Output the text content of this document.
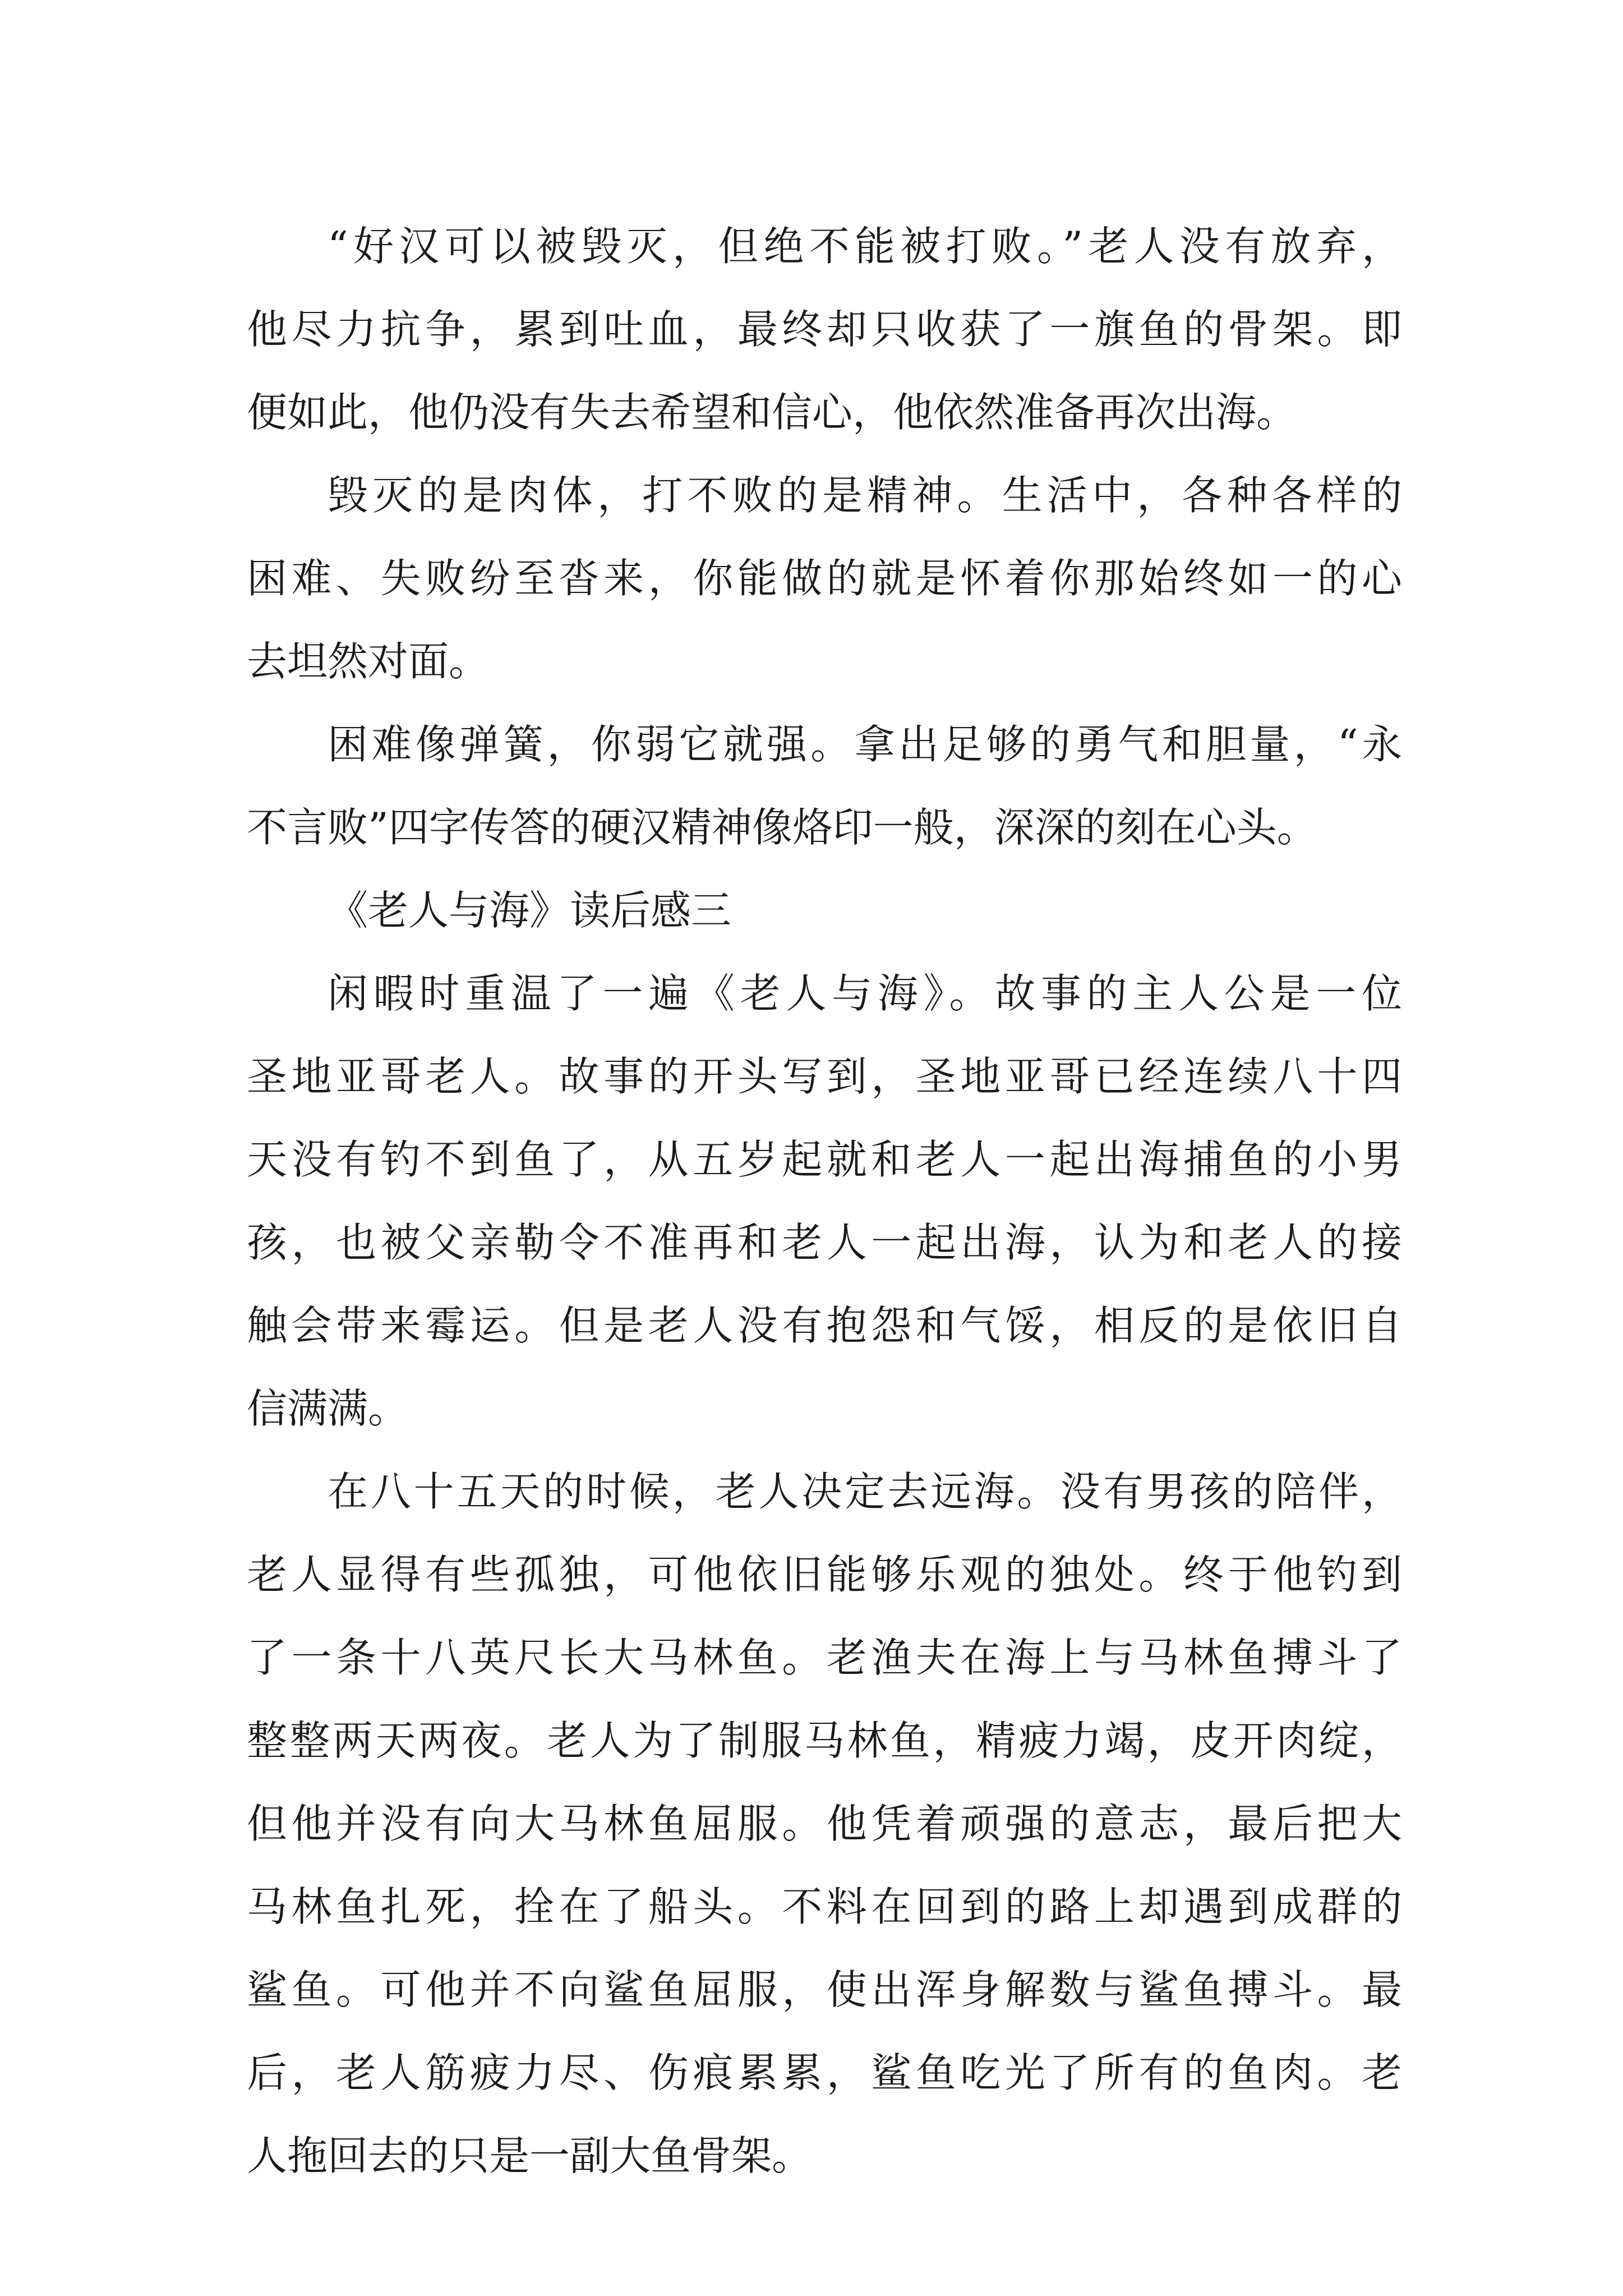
“好汉可以被毁灭，但绝不能被打败。”老人没有放弃，
他尽力抗争，累到吐血，最终却只收获了一旗鱼的骨架。即
便如此，他仍没有失去希望和信心，他依然准备再次出海。
毁灭的是肉体，打不败的是精神。生活中，各种各样的
困难、失败纷至沓来，你能做的就是怀着你那始终如一的心
去坦然对面。
困难像弹簧，你弱它就强。拿出足够的勇气和胆量，“永
不言败”四字传答的硬汉精神像烙印一般，深深的刻在心头。
《老人与海》读后感三
闲暇时重温了一遍《老人与海》。故事的主人公是一位
圣地亚哥老人。故事的开头写到，圣地亚哥已经连续八十四
天没有钓不到鱼了，从五岁起就和老人一起出海捕鱼的小男
孩，也被父亲勒令不准再和老人一起出海，认为和老人的接
触会带来霉运。但是老人没有抱怨和气馁，相反的是依旧自
信满满。
在八十五天的时候，老人决定去远海。没有男孩的陪伴，
老人显得有些孤独，可他依旧能够乐观的独处。终于他钓到
了一条十八英尺长大马林鱼。老渔夫在海上与马林鱼搏斗了
整整两天两夜。老人为了制服马林鱼，精疲力竭，皮开肉绽，
但他并没有向大马林鱼屈服。他凭着顽强的意志，最后把大
马林鱼扎死，拴在了船头。不料在回到的路上却遇到成群的
鲨鱼。可他并不向鲨鱼屈服，使出浑身解数与鲨鱼搏斗。最
后，老人筋疲力尽、伤痕累累，鲨鱼吃光了所有的鱼肉。老
人拖回去的只是一副大鱼骨架。
